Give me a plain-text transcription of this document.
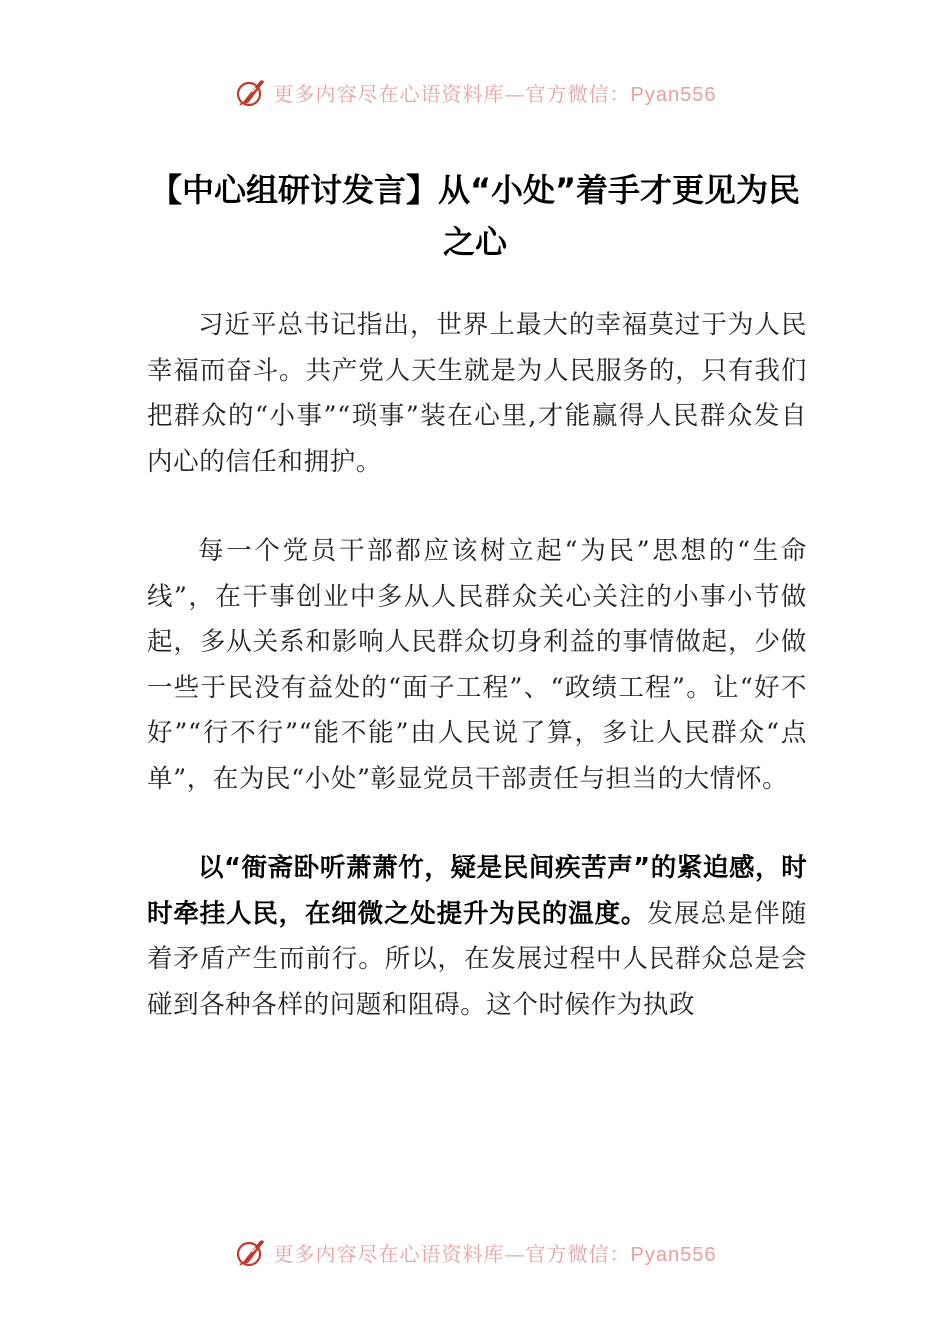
更多内容尽在心语资料库—官方微信：Pyan556
【中心组研讨发言】从“小处”着手才更见为民之心

习近平总书记指出，世界上最大的幸福莫过于为人民幸福而奋斗。共产党人天生就是为人民服务的，只有我们把群众的“小事”“琐事”装在心里,才能赢得人民群众发自内心的信任和拥护。

每一个党员干部都应该树立起“为民”思想的“生命线”，在干事创业中多从人民群众关心关注的小事小节做起，多从关系和影响人民群众切身利益的事情做起，少做一些于民没有益处的“面子工程”、“政绩工程”。让“好不好”“行不行”“能不能”由人民说了算，多让人民群众“点单”，在为民“小处”彰显党员干部责任与担当的大情怀。

以“衙斋卧听萧萧竹，疑是民间疾苦声”的紧迫感，时时牵挂人民，在细微之处提升为民的温度。发展总是伴随着矛盾产生而前行。所以，在发展过程中人民群众总是会碰到各种各样的问题和阻碍。这个时候作为执政

更多内容尽在心语资料库—官方微信：Pyan556
